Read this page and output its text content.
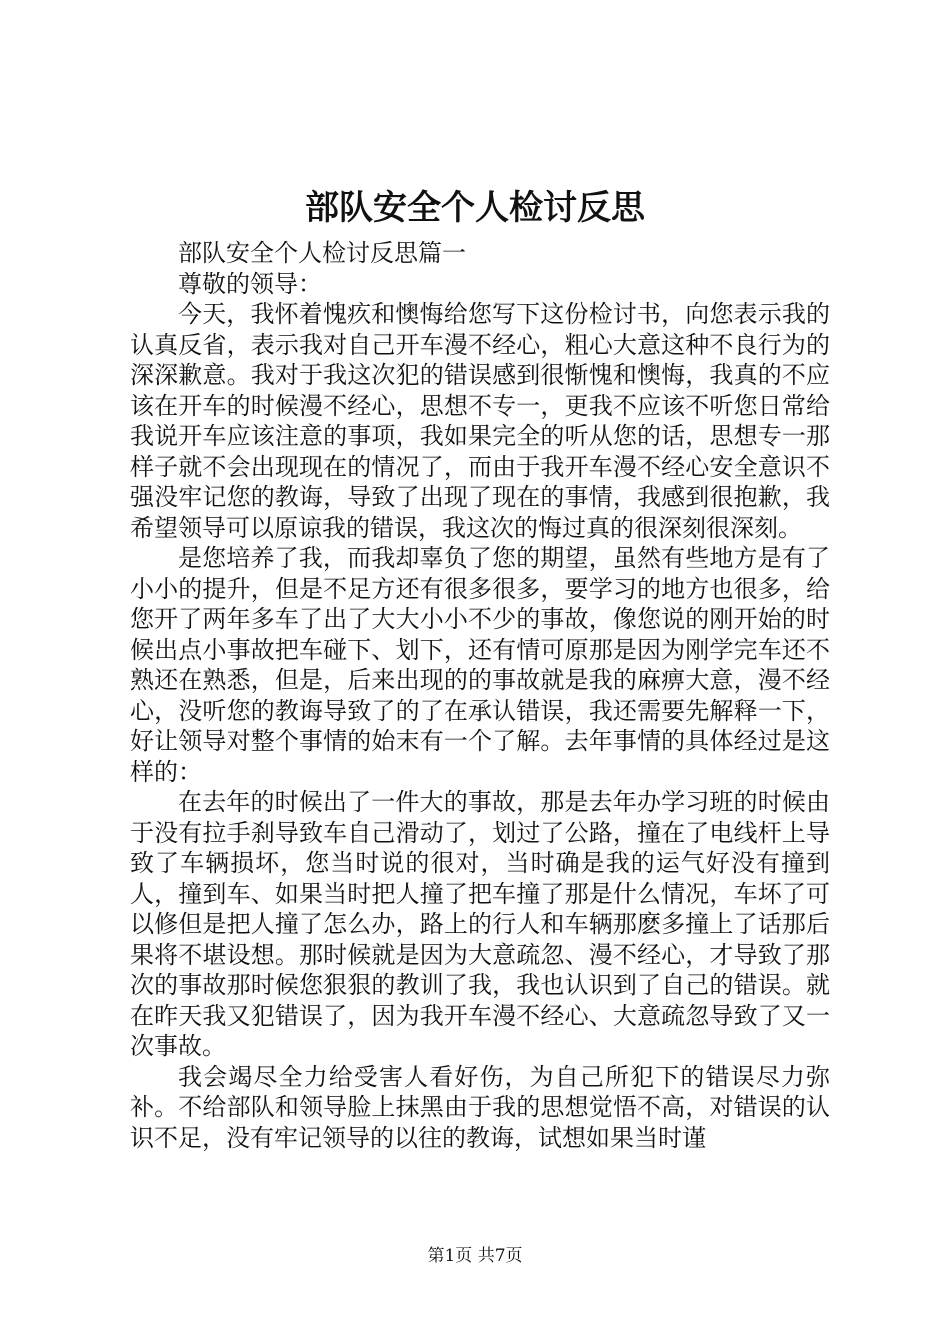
部队安全个人检讨反思

部队安全个人检讨反思篇一

尊敬的领导：

今天，我怀着愧疚和懊悔给您写下这份检讨书，向您表示我的认真反省，表示我对自己开车漫不经心，粗心大意这种不良行为的深深歉意。我对于我这次犯的错误感到很惭愧和懊悔，我真的不应该在开车的时候漫不经心，思想不专一，更我不应该不听您日常给我说开车应该注意的事项，我如果完全的听从您的话，思想专一那样子就不会出现现在的情况了，而由于我开车漫不经心安全意识不强没牢记您的教诲，导致了出现了现在的事情，我感到很抱歉，我希望领导可以原谅我的错误，我这次的悔过真的很深刻很深刻。

是您培养了我，而我却辜负了您的期望，虽然有些地方是有了小小的提升，但是不足方还有很多很多，要学习的地方也很多，给您开了两年多车了出了大大小小不少的事故，像您说的刚开始的时候出点小事故把车碰下、划下，还有情可原那是因为刚学完车还不熟还在熟悉，但是，后来出现的的事故就是我的麻痹大意，漫不经心，没听您的教诲导致了的了在承认错误，我还需要先解释一下，好让领导对整个事情的始末有一个了解。去年事情的具体经过是这样的：

在去年的时候出了一件大的事故，那是去年办学习班的时候由于没有拉手刹导致车自己滑动了，划过了公路，撞在了电线杆上导致了车辆损坏，您当时说的很对，当时确是我的运气好没有撞到人，撞到车、如果当时把人撞了把车撞了那是什么情况，车坏了可以修但是把人撞了怎么办，路上的行人和车辆那麽多撞上了话那后果将不堪设想。那时候就是因为大意疏忽、漫不经心，才导致了那次的事故那时候您狠狠的教训了我，我也认识到了自己的错误。就在昨天我又犯错误了，因为我开车漫不经心、大意疏忽导致了又一次事故。

我会竭尽全力给受害人看好伤，为自己所犯下的错误尽力弥补。不给部队和领导脸上抹黑由于我的思想觉悟不高，对错误的认识不足，没有牢记领导的以往的教诲，试想如果当时谨

第1页 共7页
